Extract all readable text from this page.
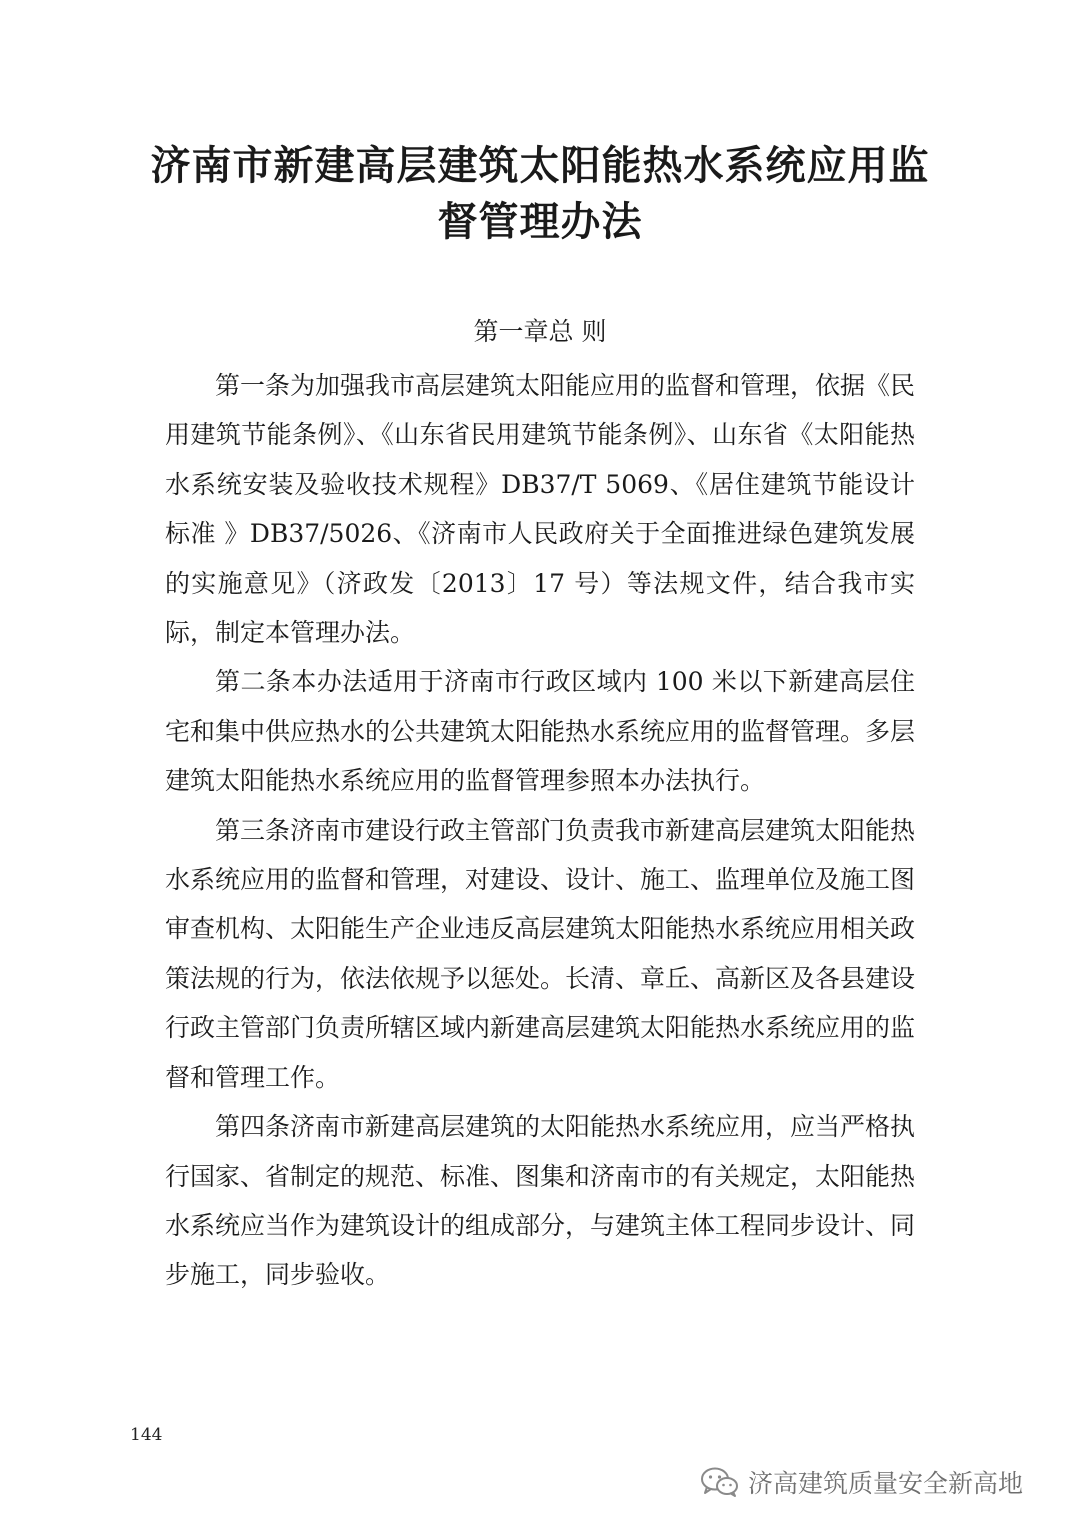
济南市新建高层建筑太阳能热水系统应用监
督管理办法
第一章总 则

第一条为加强我市高层建筑太阳能应用的监督和管理，依据《民用建筑节能条例》、《山东省民用建筑节能条例》、山东省《太阳能热水系统安装及验收技术规程》DB37/T 5069、《居住建筑节能设计标准 》DB37/5026、《济南市人民政府关于全面推进绿色建筑发展的实施意见》（济政发〔2013〕17 号）等法规文件，结合我市实际，制定本管理办法。

第二条本办法适用于济南市行政区域内 100 米以下新建高层住宅和集中供应热水的公共建筑太阳能热水系统应用的监督管理。多层建筑太阳能热水系统应用的监督管理参照本办法执行。

第三条济南市建设行政主管部门负责我市新建高层建筑太阳能热水系统应用的监督和管理，对建设、设计、施工、监理单位及施工图审查机构、太阳能生产企业违反高层建筑太阳能热水系统应用相关政策法规的行为，依法依规予以惩处。长清、章丘、高新区及各县建设行政主管部门负责所辖区域内新建高层建筑太阳能热水系统应用的监督和管理工作。

第四条济南市新建高层建筑的太阳能热水系统应用，应当严格执行国家、省制定的规范、标准、图集和济南市的有关规定，太阳能热水系统应当作为建筑设计的组成部分，与建筑主体工程同步设计、同步施工，同步验收。

144
济高建筑质量安全新高地
